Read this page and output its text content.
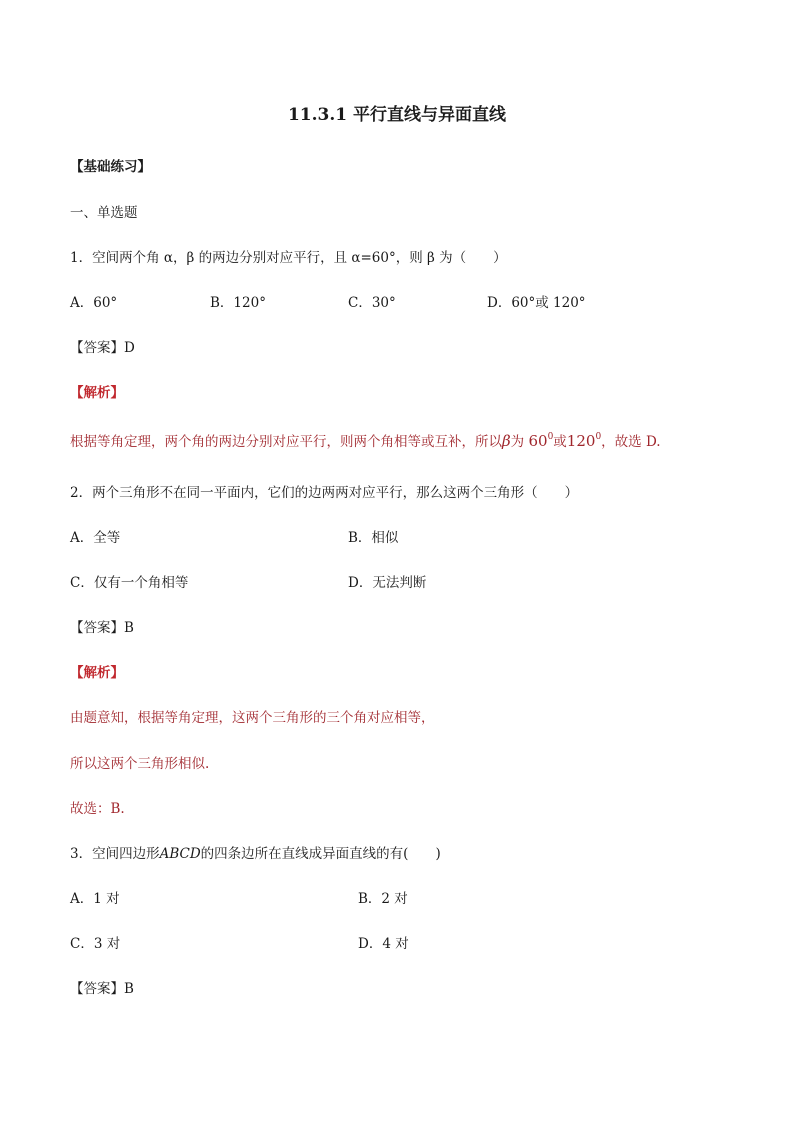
11.3.1 平行直线与异面直线
【基础练习】
一、单选题
1．空间两个角 α，β 的两边分别对应平行，且 α=60°，则 β 为（　　）
A．60°	B．120°	C．30°	D．60°或 120°
【答案】D
【解析】
根据等角定理，两个角的两边分别对应平行，则两个角相等或互补，所以β为 $60^0$或$120^0$，故选 D.
2．两个三角形不在同一平面内，它们的边两两对应平行，那么这两个三角形（　　）
A．全等	B．相似
C．仅有一个角相等	D．无法判断
【答案】B
【解析】
由题意知，根据等角定理，这两个三角形的三个角对应相等，
所以这两个三角形相似.
故选：B.
3．空间四边形ABCD的四条边所在直线成异面直线的有(　　)
A．1 对	B．2 对
C．3 对	D．4 对
【答案】B
